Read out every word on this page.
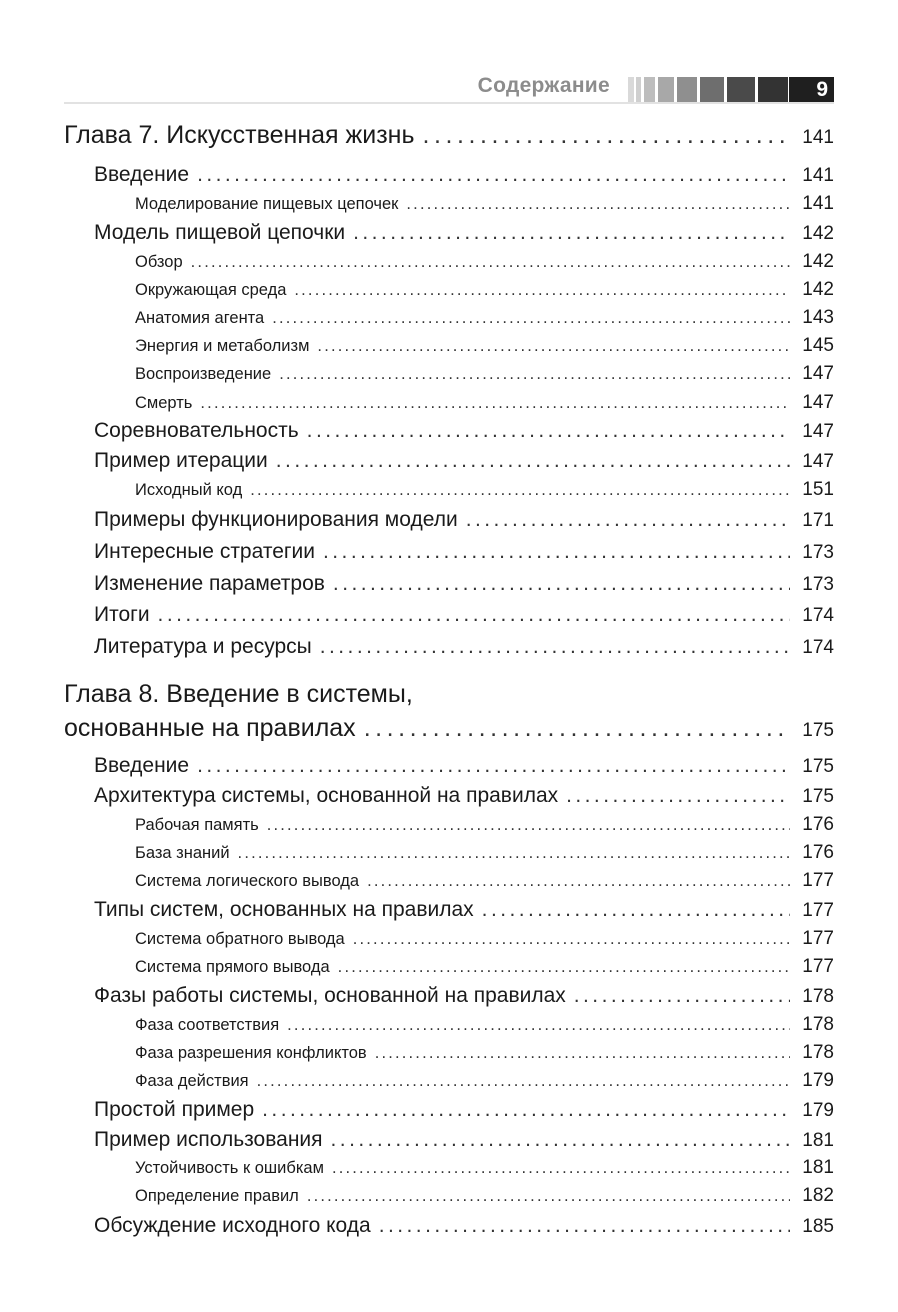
Содержание	9
Глава 7. Искусственная жизнь . . .	141
Введение . . .	141
Моделирование пищевых цепочек . . .	141
Модель пищевой цепочки . . .	142
Обзор . . .	142
Окружающая среда . . .	142
Анатомия агента . . .	143
Энергия и метаболизм . . .	145
Воспроизведение . . .	147
Смерть . . .	147
Соревновательность . . .	147
Пример итерации . . .	147
Исходный код . . .	151
Примеры функционирования модели . . .	171
Интересные стратегии . . .	173
Изменение параметров . . .	173
Итоги . . .	174
Литература и ресурсы . . .	174
Глава 8. Введение в системы,
основанные на правилах . . .	175
Введение . . .	175
Архитектура системы, основанной на правилах . . .	175
Рабочая память . . .	176
База знаний . . .	176
Система логического вывода . . .	177
Типы систем, основанных на правилах . . .	177
Система обратного вывода . . .	177
Система прямого вывода . . .	177
Фазы работы системы, основанной на правилах . . .	178
Фаза соответствия . . .	178
Фаза разрешения конфликтов . . .	178
Фаза действия . . .	179
Простой пример . . .	179
Пример использования . . .	181
Устойчивость к ошибкам . . .	181
Определение правил . . .	182
Обсуждение исходного кода . . .	185
